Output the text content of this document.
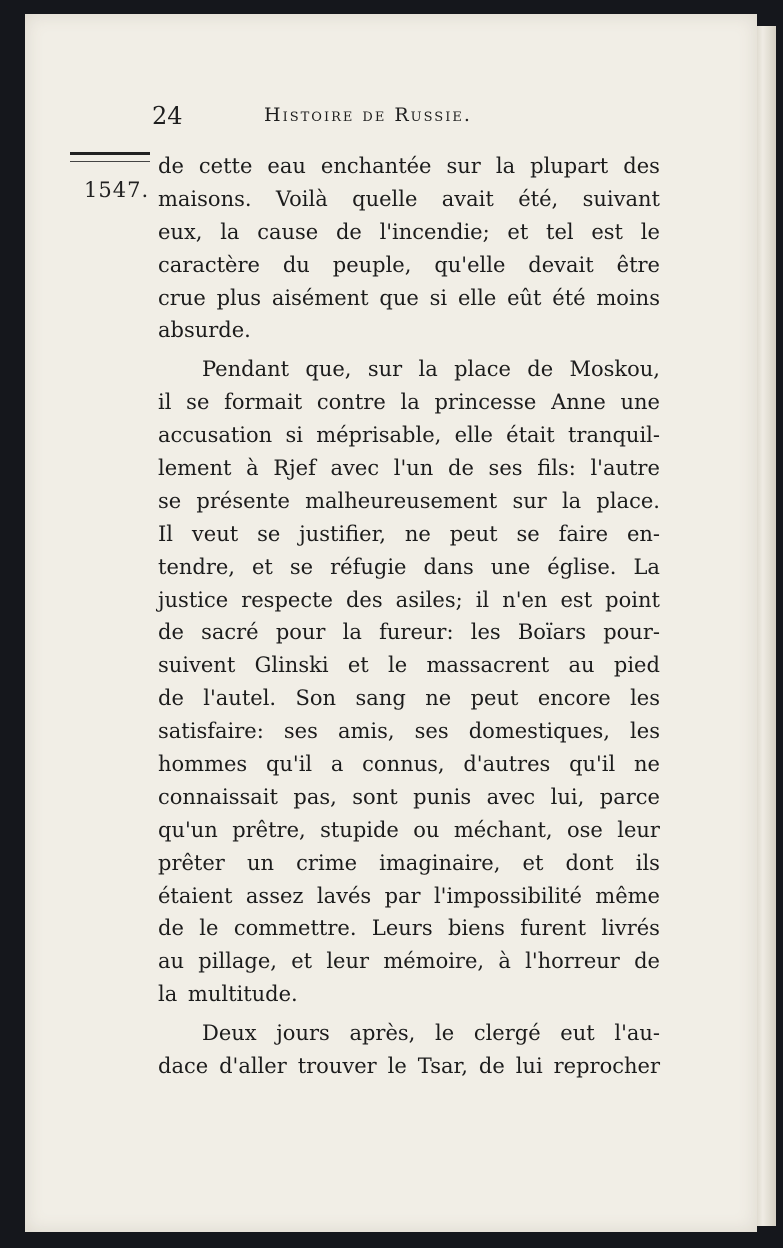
24	Histoire de Russie.
1547.
de cette eau enchantée sur la plupart des
maisons. Voilà quelle avait été, suivant
eux, la cause de l'incendie; et tel est le
caractère du peuple, qu'elle devait être
crue plus aisément que si elle eût été moins
absurde.
Pendant que, sur la place de Moskou,
il se formait contre la princesse Anne une
accusation si méprisable, elle était tranquil-
lement à Rjef avec l'un de ses fils: l'autre
se présente malheureusement sur la place.
Il veut se justifier, ne peut se faire en-
tendre, et se réfugie dans une église. La
justice respecte des asiles; il n'en est point
de sacré pour la fureur: les Boïars pour-
suivent Glinski et le massacrent au pied
de l'autel. Son sang ne peut encore les
satisfaire: ses amis, ses domestiques, les
hommes qu'il a connus, d'autres qu'il ne
connaissait pas, sont punis avec lui, parce
qu'un prêtre, stupide ou méchant, ose leur
prêter un crime imaginaire, et dont ils
étaient assez lavés par l'impossibilité même
de le commettre. Leurs biens furent livrés
au pillage, et leur mémoire, à l'horreur de
la multitude.
Deux jours après, le clergé eut l'au-
dace d'aller trouver le Tsar, de lui reprocher
